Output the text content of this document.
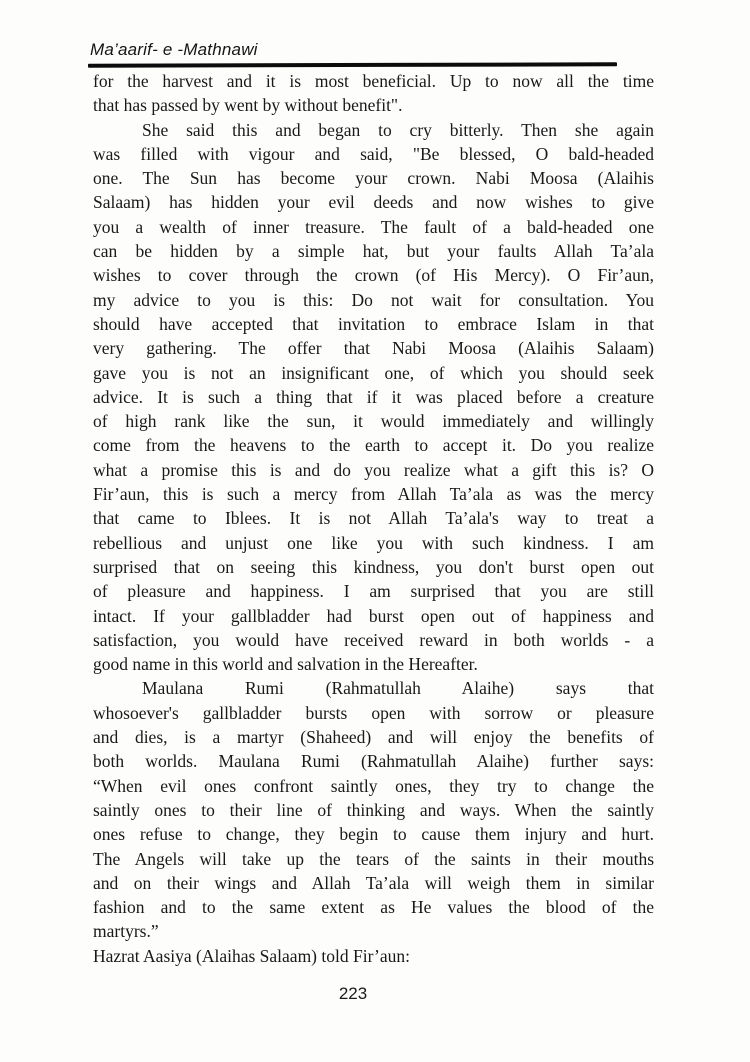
Ma’aarif- e -Mathnawi
for the harvest and it is most beneficial. Up to now all the time
that has passed by went by without benefit".
She said this and began to cry bitterly. Then she again
was filled with vigour and said, "Be blessed, O bald-headed
one. The Sun has become your crown. Nabi Moosa (Alaihis
Salaam) has hidden your evil deeds and now wishes to give
you a wealth of inner treasure. The fault of a bald-headed one
can be hidden by a simple hat, but your faults Allah Ta’ala
wishes to cover through the crown (of His Mercy). O Fir’aun,
my advice to you is this: Do not wait for consultation. You
should have accepted that invitation to embrace Islam in that
very gathering. The offer that Nabi Moosa (Alaihis Salaam)
gave you is not an insignificant one, of which you should seek
advice. It is such a thing that if it was placed before a creature
of high rank like the sun, it would immediately and willingly
come from the heavens to the earth to accept it. Do you realize
what a promise this is and do you realize what a gift this is? O
Fir’aun, this is such a mercy from Allah Ta’ala as was the mercy
that came to Iblees. It is not Allah Ta’ala's way to treat a
rebellious and unjust one like you with such kindness. I am
surprised that on seeing this kindness, you don't burst open out
of pleasure and happiness. I am surprised that you are still
intact. If your gallbladder had burst open out of happiness and
satisfaction, you would have received reward in both worlds - a
good name in this world and salvation in the Hereafter.
Maulana Rumi (Rahmatullah Alaihe) says that
whosoever's gallbladder bursts open with sorrow or pleasure
and dies, is a martyr (Shaheed) and will enjoy the benefits of
both worlds. Maulana Rumi (Rahmatullah Alaihe) further says:
“When evil ones confront saintly ones, they try to change the
saintly ones to their line of thinking and ways. When the saintly
ones refuse to change, they begin to cause them injury and hurt.
The Angels will take up the tears of the saints in their mouths
and on their wings and Allah Ta’ala will weigh them in similar
fashion and to the same extent as He values the blood of the
martyrs.”
Hazrat Aasiya (Alaihas Salaam) told Fir’aun:
223
